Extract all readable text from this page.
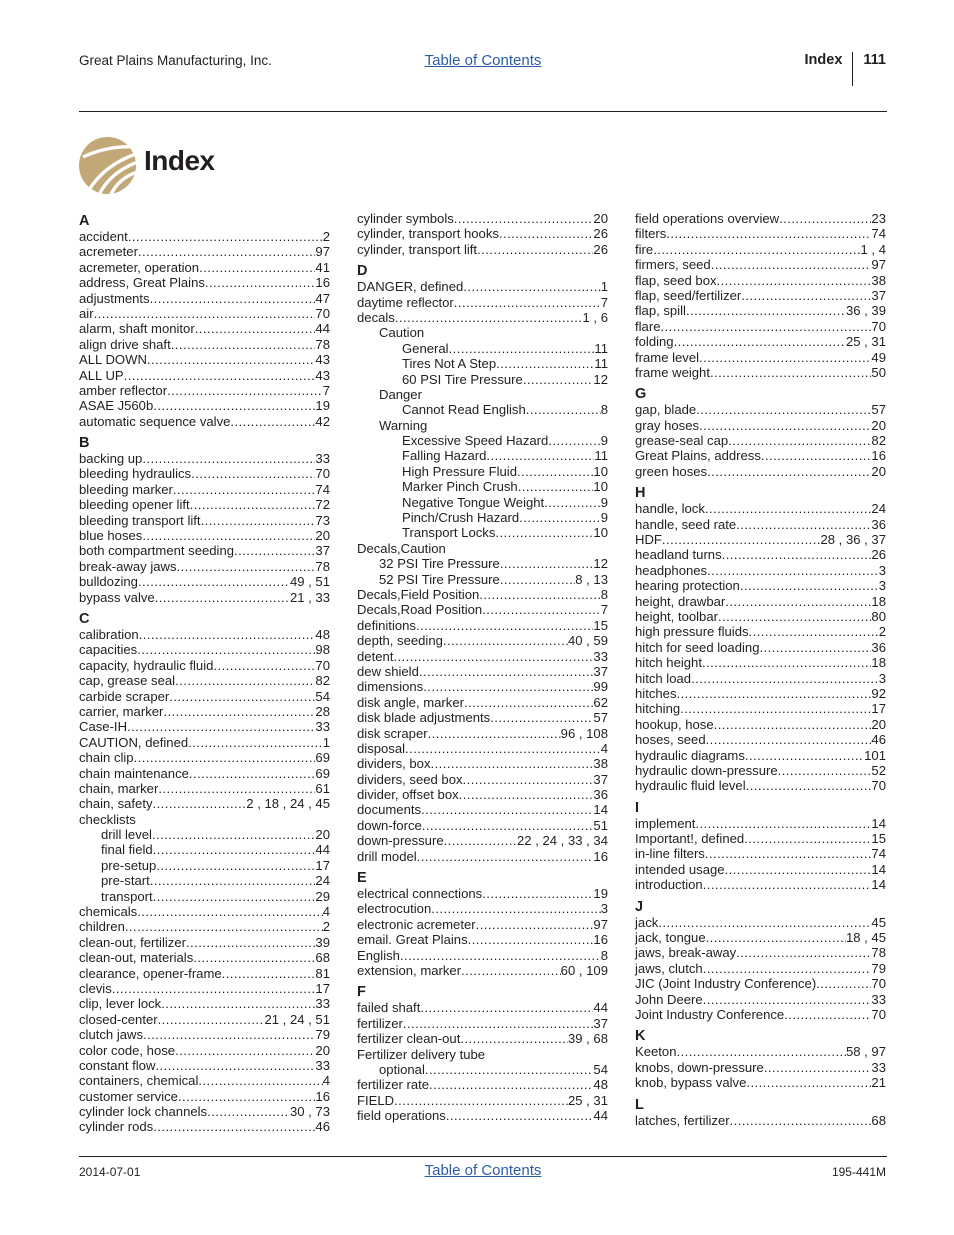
Great Plains Manufacturing, Inc.	Table of Contents	Index	111
Index
A
accident . . .	2
acremeter . . .	97
acremeter, operation . . .	41
address, Great Plains . . .	16
adjustments . . .	47
air . . .	70
alarm, shaft monitor . . .	44
align drive shaft . . .	78
ALL DOWN . . .	43
ALL UP . . .	43
amber reflector . . .	7
ASAE J560b . . .	19
automatic sequence valve . . .	42
B
backing up . . .	33
bleeding hydraulics . . .	70
bleeding marker . . .	74
bleeding opener lift . . .	72
bleeding transport lift . . .	73
blue hoses . . .	20
both compartment seeding . . .	37
break-away jaws . . .	78
bulldozing . . .	49 , 51
bypass valve . . .	21 , 33
C
calibration . . .	48
capacities . . .	98
capacity, hydraulic fluid . . .	70
cap, grease seal . . .	82
carbide scraper . . .	54
carrier, marker . . .	28
Case-IH . . .	33
CAUTION, defined . . .	1
chain clip . . .	69
chain maintenance . . .	69
chain, marker . . .	61
chain, safety . . .	2 , 18 , 24 , 45
checklists
drill level . . .	20
final field . . .	44
pre-setup . . .	17
pre-start . . .	24
transport . . .	29
chemicals . . .	4
children . . .	2
clean-out, fertilizer . . .	39
clean-out, materials . . .	68
clearance, opener-frame . . .	81
clevis . . .	17
clip, lever lock . . .	33
closed-center . . .	21 , 24 , 51
clutch jaws . . .	79
color code, hose . . .	20
constant flow . . .	33
containers, chemical . . .	4
customer service . . .	16
cylinder lock channels . . .	30 , 73
cylinder rods . . .	46
cylinder symbols . . .	20
cylinder, transport hooks . . .	26
cylinder, transport lift . . .	26
D
DANGER, defined . . .	1
daytime reflector . . .	7
decals . . .	1 , 6
Caution
General . . .	11
Tires Not A Step . . .	11
60 PSI Tire Pressure . . .	12
Danger
Cannot Read English . . .	8
Warning
Excessive Speed Hazard . . .	9
Falling Hazard . . .	11
High Pressure Fluid . . .	10
Marker Pinch Crush . . .	10
Negative Tongue Weight . . .	9
Pinch/Crush Hazard . . .	9
Transport Locks . . .	10
Decals,Caution
32 PSI Tire Pressure . . .	12
52 PSI Tire Pressure . . .	8 , 13
Decals,Field Position . . .	8
Decals,Road Position . . .	7
definitions . . .	15
depth, seeding . . .	40 , 59
detent . . .	33
dew shield . . .	37
dimensions . . .	99
disk angle, marker . . .	62
disk blade adjustments . . .	57
disk scraper . . .	96 , 108
disposal . . .	4
dividers, box . . .	38
dividers, seed box . . .	37
divider, offset box . . .	36
documents . . .	14
down-force . . .	51
down-pressure . . .	22 , 24 , 33 , 34
drill model . . .	16
E
electrical connections . . .	19
electrocution . . .	3
electronic acremeter . . .	97
email. Great Plains . . .	16
English . . .	8
extension, marker . . .	60 , 109
F
failed shaft . . .	44
fertilizer . . .	37
fertilizer clean-out . . .	39 , 68
Fertilizer delivery tube
optional . . .	54
fertilizer rate . . .	48
FIELD . . .	25 , 31
field operations . . .	44
field operations overview . . .	23
filters . . .	74
fire . . .	1 , 4
firmers, seed . . .	97
flap, seed box . . .	38
flap, seed/fertilizer . . .	37
flap, spill . . .	36 , 39
flare . . .	70
folding . . .	25 , 31
frame level . . .	49
frame weight . . .	50
G
gap, blade . . .	57
gray hoses . . .	20
grease-seal cap . . .	82
Great Plains, address . . .	16
green hoses . . .	20
H
handle, lock . . .	24
handle, seed rate . . .	36
HDF . . .	28 , 36 , 37
headland turns . . .	26
headphones . . .	3
hearing protection . . .	3
height, drawbar . . .	18
height, toolbar . . .	80
high pressure fluids . . .	2
hitch for seed loading . . .	36
hitch height . . .	18
hitch load . . .	3
hitches . . .	92
hitching . . .	17
hookup, hose . . .	20
hoses, seed . . .	46
hydraulic diagrams . . .	101
hydraulic down-pressure . . .	52
hydraulic fluid level . . .	70
I
implement . . .	14
Important!, defined . . .	15
in-line filters . . .	74
intended usage . . .	14
introduction . . .	14
J
jack . . .	45
jack, tongue . . .	18 , 45
jaws, break-away . . .	78
jaws, clutch . . .	79
JIC (Joint Industry Conference) . . .	70
John Deere . . .	33
Joint Industry Conference . . .	70
K
Keeton . . .	58 , 97
knobs, down-pressure . . .	33
knob, bypass valve . . .	21
L
latches, fertilizer . . .	68
2014-07-01	Table of Contents	195-441M
